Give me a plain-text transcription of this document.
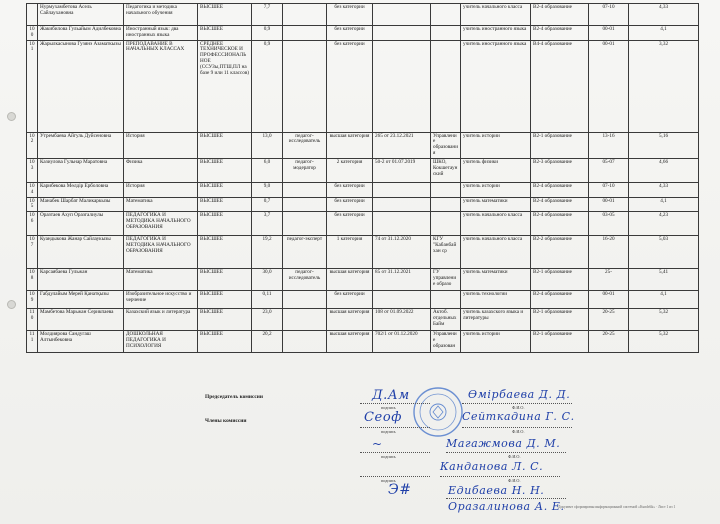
	Нурмухамбетова Асель Сайлаухановна	Педагогика и методика начального обучения	ВЫСШЕЕ	7,7		без категории			учитель начального класса	B2-4 образование	07-10	4,33
100	Жакибилова Гульайым Адилбековна	Иностранный язык: два иностранных языка	ВЫСШЕЕ	0,9		без категории			учитель иностранного языка	B2-4 образование	00-01	4,1
101	Жарылкасынова Гузянэ Азаматкызы	ПРЕПОДАВАНИЕ В НАЧАЛЬНЫХ КЛАССАХ	СРЕДНЕЕ ТЕХНИЧЕСКОЕ И ПРОФЕССИОНАЛЬНОЕ (ССУЗы,ПТШ,ПЛ на базе 9 или 11 классов)	0,9		без категории			учитель иностранного языка	B4-4 образование	00-01	3,32
102	Утрембаева Айгуль Дуйсеновна	История	ВЫСШЕЕ	13,0	педагог-исследователь	высшая категория	265 от 23.12.2021	Управление образования	учитель истории	B2-1 образование	13-16	5,16
103	Казиулова Гульнар Маратовна	Физика	ВЫСШЕЕ	6,0	педагог-модератор	2 категория	50-2 от 01.07.2019	ШКО, Кокшетаунский	учитель физики	B2-3 образование	05-07	4,66
104	Карибекова Мөлдір Ерболовна	История	ВЫСШЕЕ	9,0		без категории			учитель истории	B2-4 образование	07-10	4,33
105	Манабек Шарбат Маликаркызы	Математика	ВЫСШЕЕ	0,7		без категории			учитель математики	B2-4 образование	00-01	4,1
106	Оразтаев Ахуп Оразгалиулы	ПЕДАГОГИКА И МЕТОДИКА НАЧАЛЬНОГО ОБРАЗОВАНИЯ	ВЫСШЕЕ	3,7		без категории			учитель начального класса	B2-4 образование	03-05	4,23
107	Куандыкова Жанар Сайлаукызы	ПЕДАГОГИКА И МЕТОДИКА НАЧАЛЬНОГО ОБРАЗОВАНИЯ	ВЫСШЕЕ	19,2	педагог-эксперт	1 категория	74 от 31.12.2020	КГУ "Кабанбай хан ср	учитель начального класса	B2-2 образование	16-20	5,03
108	Карсаябаева Гульжан	Математика	ВЫСШЕЕ	30,0	педагог-исследователь	высшая категория	85 от 31.12.2021	ГУ управление образо	учитель математики	B2-1 образование	25-	5,41
109	Габдулайым Мерей Қанатқызы	Изобразительное искусство и черчение	ВЫСШЕЕ	0,11		без категории			учитель технологии	B2-4 образование	00-01	4,1
110	Мамбетова Марьжан Серикпаева	Казахский язык и литература	ВЫСШЕЕ	23,0		высшая категория	108 от 01.09.2022	Актоб. отдельных Байм	учитель казахского языка и литературы	B2-1 образование	20-25	5,32
111	Молдиярова Сандугаш Алтынбековна	ДОШКОЛЬНАЯ ПЕДАГОГИКА И ПСИХОЛОГИЯ	ВЫСШЕЕ	20,2		высшая категория	702/1 от 01.12.2020	Управление образован	учитель истории	B2-1 образование	20-25	5,32
Председатель комиссии
Члены комиссии
Д.Ам	Өмірбаева Д. Д.
подпись	Ф.И.О.
Сеоф	Сейткадина Г. С.
подпись	Ф.И.О.
~	Магажмова Д. М.
подпись	Ф.И.О.
Канданова Л. С.
подпись	Ф.И.О.
Э#	Едибаева Н. Н.
Оразалинова А. Е.
Документ сформирован информационной системой «Kundelik» · Лист 1 из 1
